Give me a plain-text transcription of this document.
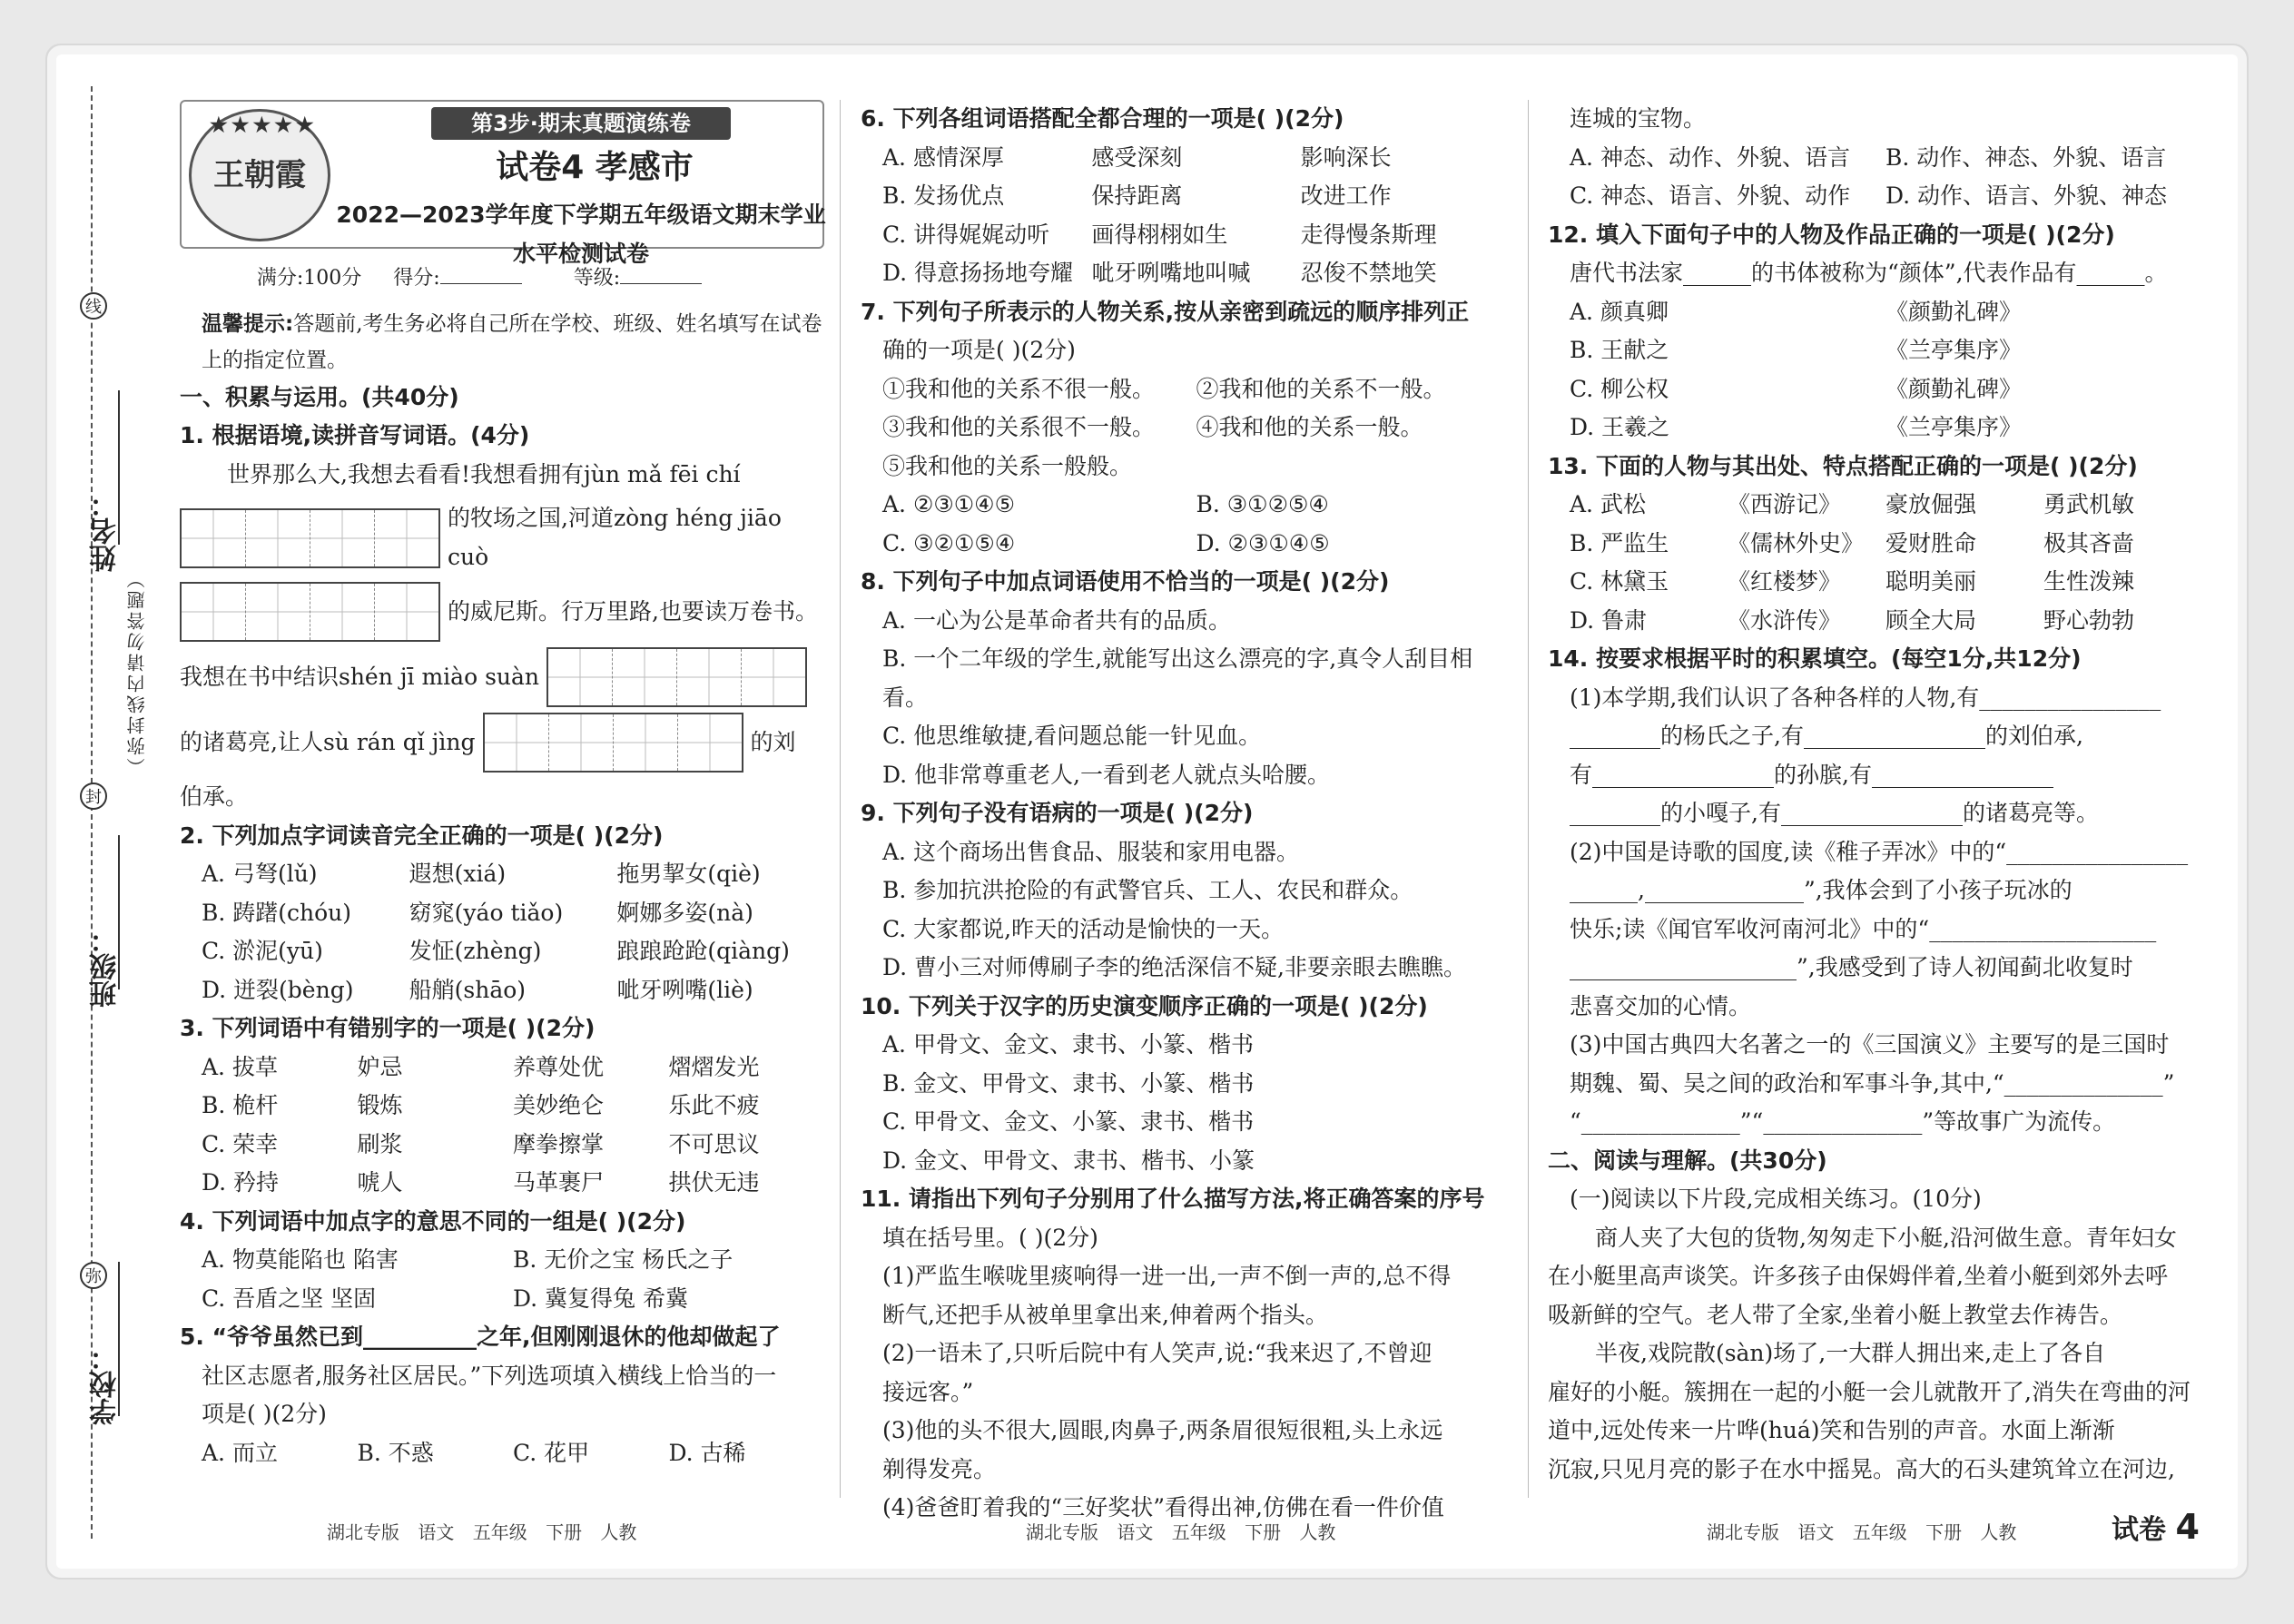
线
封
弥
姓名：
班级：
学校：
（弥封线内请勿答题）
★★★★★
王朝霞
第3步·期末真题演练卷
试卷4 孝感市
2022—2023学年度下学期五年级语文期末学业水平检测试卷
满分:100分 得分:	等级:
温馨提示:答题前,考生务必将自己所在学校、班级、姓名填写在试卷上的指定位置。
一、积累与运用。(共40分)
1. 根据语境,读拼音写词语。(4分)
世界那么大,我想去看看!我想看拥有jùn mǎ fēi chí
的牧场之国,河道zòng héng jiāo cuò
的威尼斯。行万里路,也要读万卷书。
我想在书中结识shén jī miào suàn
的诸葛亮,让人sù rán qǐ jìng	的刘
伯承。
2. 下列加点字词读音完全正确的一项是( )(2分)
A. 弓弩(lǔ)	遐想(xiá)	拖男挈女(qiè)
B. 踌躇(chóu)	窈窕(yáo tiǎo)	婀娜多姿(nà)
C. 淤泥(yū)	发怔(zhèng)	踉踉跄跄(qiàng)
D. 迸裂(bèng)	船艄(shāo)	呲牙咧嘴(liè)
3. 下列词语中有错别字的一项是( )(2分)
A. 拔草	妒忌	养尊处优	熠熠发光
B. 桅杆	锻炼	美妙绝仑	乐此不疲
C. 荣幸	刷浆	摩拳擦掌	不可思议
D. 矜持	唬人	马革裹尸	拱伏无违
4. 下列词语中加点字的意思不同的一组是( )(2分)
A. 物莫能陷也 陷害	B. 无价之宝 杨氏之子
C. 吾盾之坚 坚固	D. 冀复得兔 希冀
5. “爷爷虽然已到__________之年,但刚刚退休的他却做起了
社区志愿者,服务社区居民。”下列选项填入横线上恰当的一
项是( )(2分)
A. 而立	B. 不惑	C. 花甲	D. 古稀
6. 下列各组词语搭配全都合理的一项是( )(2分)
A. 感情深厚	感受深刻	影响深长
B. 发扬优点	保持距离	改进工作
C. 讲得娓娓动听	画得栩栩如生	走得慢条斯理
D. 得意扬扬地夸耀 呲牙咧嘴地叫喊	忍俊不禁地笑
7. 下列句子所表示的人物关系,按从亲密到疏远的顺序排列正
确的一项是( )(2分)
①我和他的关系不很一般。	②我和他的关系不一般。
③我和他的关系很不一般。	④我和他的关系一般。
⑤我和他的关系一般般。
A. ②③①④⑤	B. ③①②⑤④
C. ③②①⑤④	D. ②③①④⑤
8. 下列句子中加点词语使用不恰当的一项是( )(2分)
A. 一心为公是革命者共有的品质。
B. 一个二年级的学生,就能写出这么漂亮的字,真令人刮目相看。
C. 他思维敏捷,看问题总能一针见血。
D. 他非常尊重老人,一看到老人就点头哈腰。
9. 下列句子没有语病的一项是( )(2分)
A. 这个商场出售食品、服装和家用电器。
B. 参加抗洪抢险的有武警官兵、工人、农民和群众。
C. 大家都说,昨天的活动是愉快的一天。
D. 曹小三对师傅刷子李的绝活深信不疑,非要亲眼去瞧瞧。
10. 下列关于汉字的历史演变顺序正确的一项是( )(2分)
A. 甲骨文、金文、隶书、小篆、楷书
B. 金文、甲骨文、隶书、小篆、楷书
C. 甲骨文、金文、小篆、隶书、楷书
D. 金文、甲骨文、隶书、楷书、小篆
11. 请指出下列句子分别用了什么描写方法,将正确答案的序号
填在括号里。( )(2分)
(1)严监生喉咙里痰响得一进一出,一声不倒一声的,总不得
断气,还把手从被单里拿出来,伸着两个指头。
(2)一语未了,只听后院中有人笑声,说:“我来迟了,不曾迎
接远客。”
(3)他的头不很大,圆眼,肉鼻子,两条眉很短很粗,头上永远
剃得发亮。
(4)爸爸盯着我的“三好奖状”看得出神,仿佛在看一件价值
连城的宝物。
A. 神态、动作、外貌、语言	B. 动作、神态、外貌、语言
C. 神态、语言、外貌、动作	D. 动作、语言、外貌、神态
12. 填入下面句子中的人物及作品正确的一项是( )(2分)
唐代书法家______的书体被称为“颜体”,代表作品有______。
A. 颜真卿	《颜勤礼碑》
B. 王献之	《兰亭集序》
C. 柳公权	《颜勤礼碑》
D. 王羲之	《兰亭集序》
13. 下面的人物与其出处、特点搭配正确的一项是( )(2分)
A. 武松	《西游记》	豪放倔强	勇武机敏
B. 严监生	《儒林外史》 爱财胜命	极其吝啬
C. 林黛玉	《红楼梦》	聪明美丽	生性泼辣
D. 鲁肃	《水浒传》	顾全大局	野心勃勃
14. 按要求根据平时的积累填空。(每空1分,共12分)
(1)本学期,我们认识了各种各样的人物,有________________
________的杨氏之子,有________________的刘伯承,
有________________的孙膑,有________________
________的小嘎子,有________________的诸葛亮等。
(2)中国是诗歌的国度,读《稚子弄冰》中的“________________
______,______________”,我体会到了小孩子玩冰的
快乐;读《闻官军收河南河北》中的“____________________
____________________”,我感受到了诗人初闻蓟北收复时
悲喜交加的心情。
(3)中国古典四大名著之一的《三国演义》主要写的是三国时
期魏、蜀、吴之间的政治和军事斗争,其中,“______________”
“______________”“______________”等故事广为流传。
二、阅读与理解。(共30分)
(一)阅读以下片段,完成相关练习。(10分)
商人夹了大包的货物,匆匆走下小艇,沿河做生意。青年妇女
在小艇里高声谈笑。许多孩子由保姆伴着,坐着小艇到郊外去呼
吸新鲜的空气。老人带了全家,坐着小艇上教堂去作祷告。
半夜,戏院散(sàn)场了,一大群人拥出来,走上了各自
雇好的小艇。簇拥在一起的小艇一会儿就散开了,消失在弯曲的河
道中,远处传来一片哗(huá)笑和告别的声音。水面上渐渐
沉寂,只见月亮的影子在水中摇晃。高大的石头建筑耸立在河边,
湖北专版 语文 五年级 下册 人教	湖北专版 语文 五年级 下册 人教	湖北专版 语文 五年级 下册 人教	试卷 4
